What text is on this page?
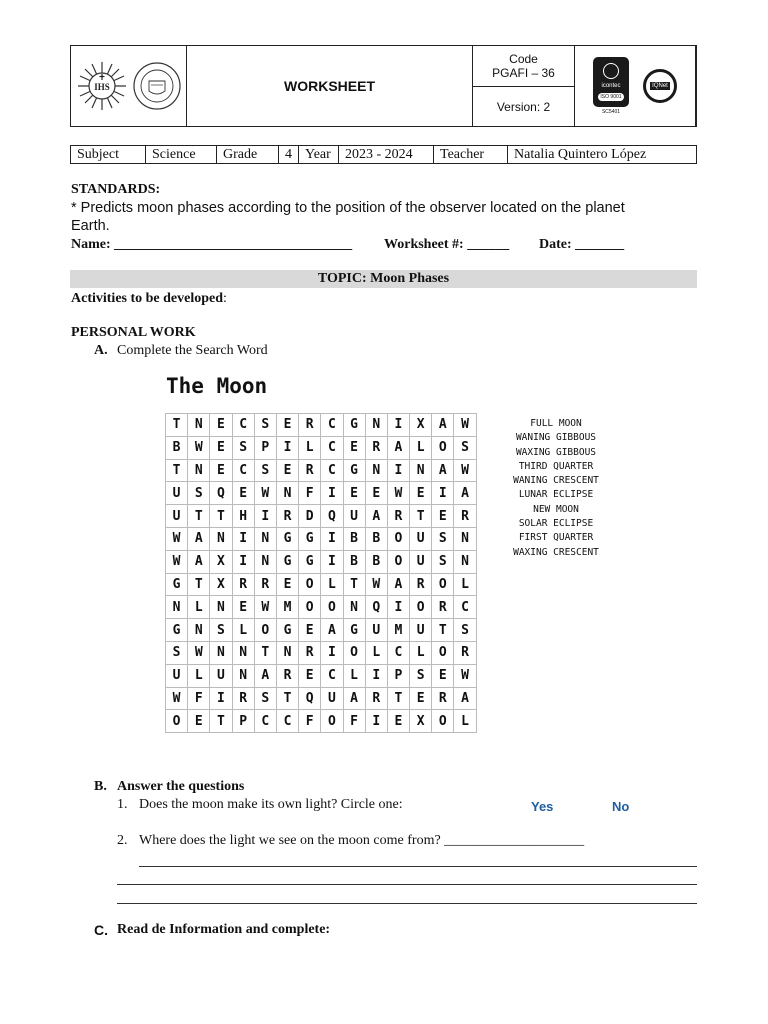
IHS	WORKSHEET
Code
PGAFI – 36
Version: 2
icontec
ISO 9001
SC5401
IQNet
Subject	Science	Grade	4 Year	2023 - 2024	Teacher	Natalia Quintero López
STANDARDS:
* Predicts moon phases according to the position of the observer located on the planet
Earth.
Name: __________________________________ Worksheet #: ______ Date: _______
TOPIC: Moon Phases
Activities to be developed:
PERSONAL WORK
A. Complete the Search Word
The Moon
T	N	E	C	S	E	R	C	G	N	I	X	A	W
B	W	E	S	P	I	L	C	E	R	A	L	O	S
T	N	E	C	S	E	R	C	G	N	I	N	A	W
U	S	Q	E	W	N	F	I	E	E	W	E	I	A
U	T	T	H	I	R	D	Q	U	A	R	T	E	R
W	A	N	I	N	G	G	I	B	B	O	U	S	N
W	A	X	I	N	G	G	I	B	B	O	U	S	N
G	T	X	R	R	E	O	L	T	W	A	R	O	L
N	L	N	E	W	M	O	O	N	Q	I	O	R	C
G	N	S	L	O	G	E	A	G	U	M	U	T	S
S	W	N	N	T	N	R	I	O	L	C	L	O	R
U	L	U	N	A	R	E	C	L	I	P	S	E	W
W	F	I	R	S	T	Q	U	A	R	T	E	R	A
O	E	T	P	C	C	F	O	F	I	E	X	O	L
FULL MOON
WANING GIBBOUS
WAXING GIBBOUS
THIRD QUARTER
WANING CRESCENT
LUNAR ECLIPSE
NEW MOON
SOLAR ECLIPSE
FIRST QUARTER
WAXING CRESCENT
B. Answer the questions
1. Does the moon make its own light? Circle one:	Yes	No
2. Where does the light we see on the moon come from? ____________________
C. Read de Information and complete:
